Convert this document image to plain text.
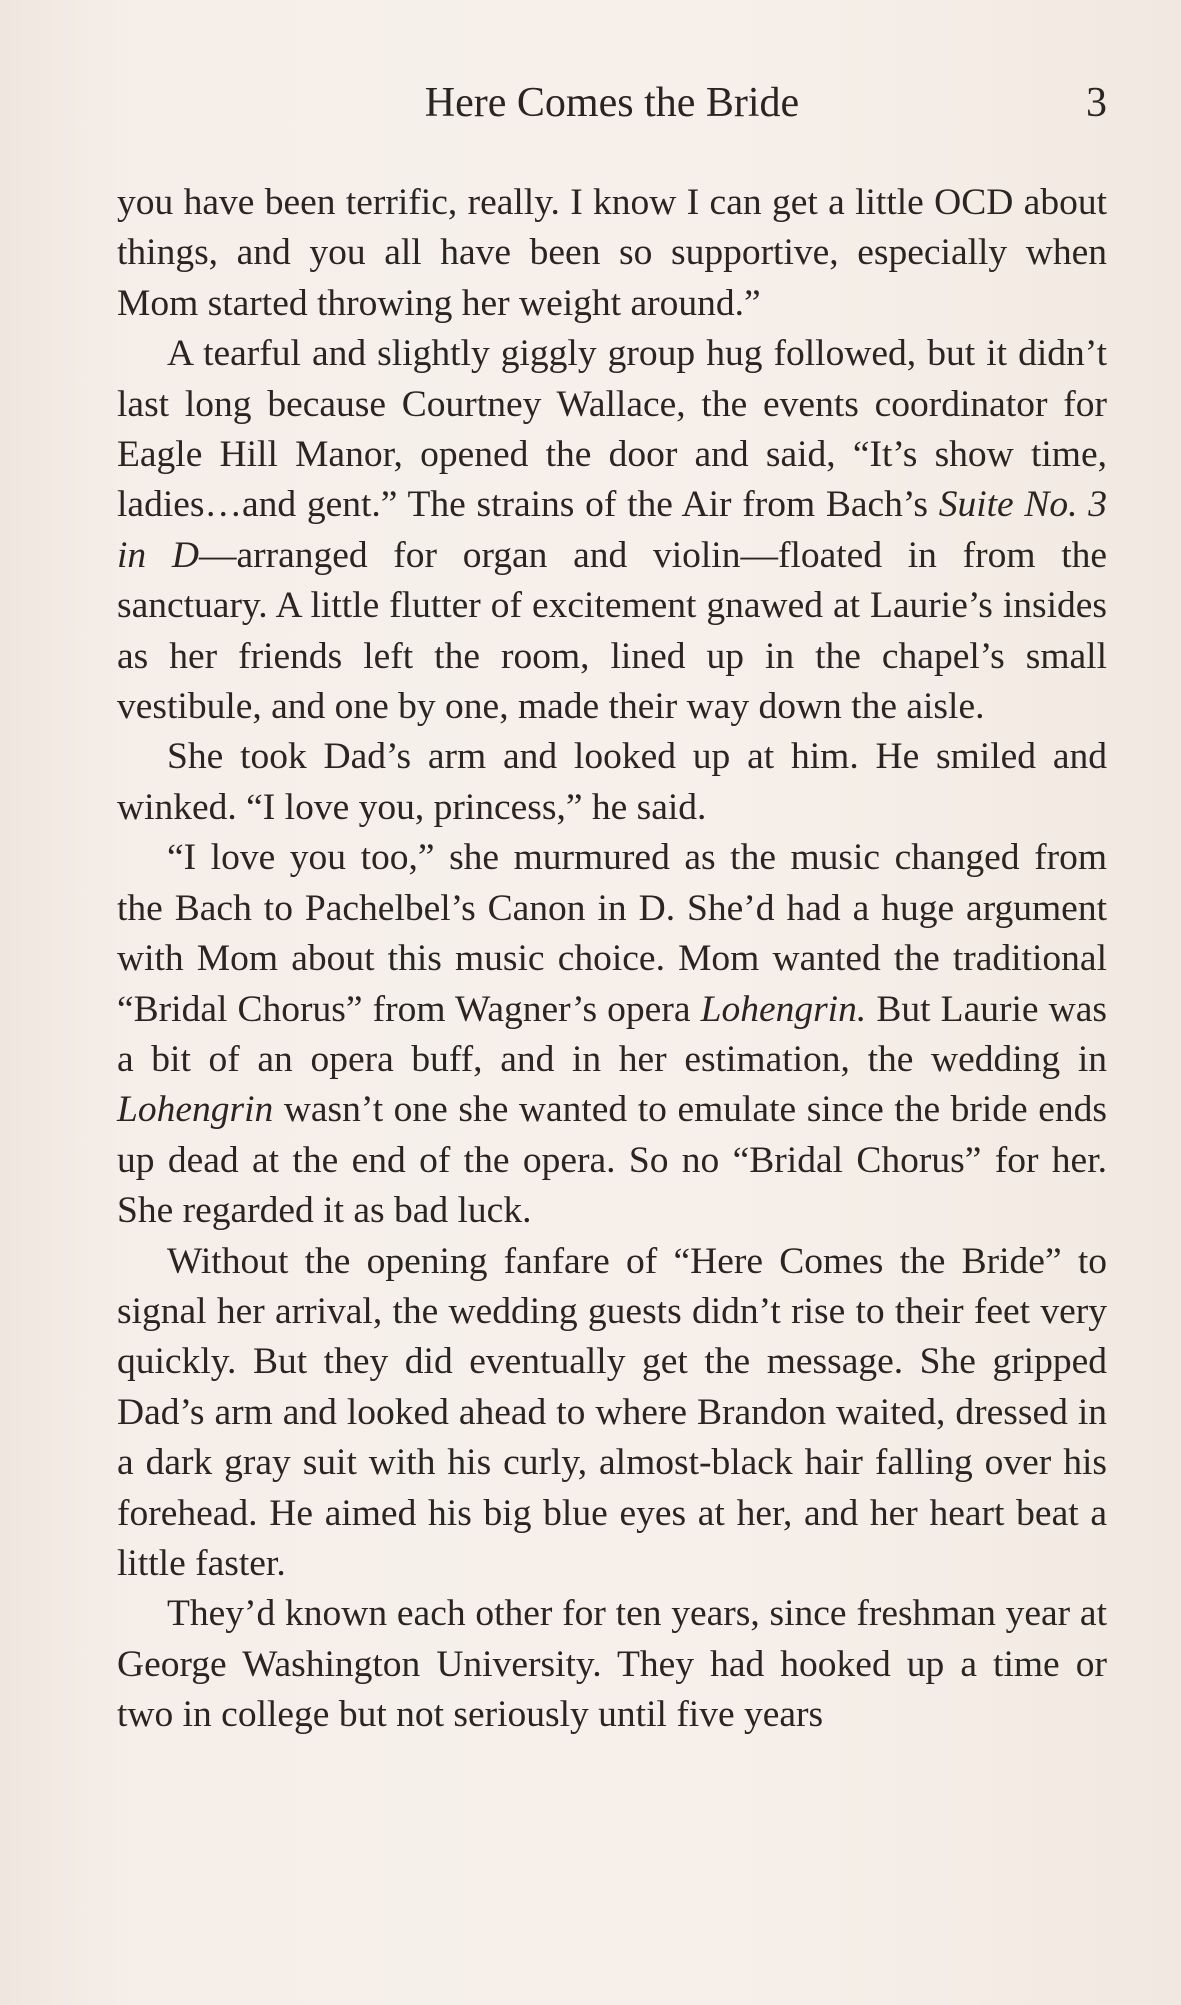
Here Comes the Bride	3

you have been terrific, really. I know I can get a little OCD about things, and you all have been so supportive, especially when Mom started throwing her weight around.”

A tearful and slightly giggly group hug followed, but it didn’t last long because Courtney Wallace, the events coordinator for Eagle Hill Manor, opened the door and said, “It’s show time, ladies…and gent.” The strains of the Air from Bach’s Suite No. 3 in D—arranged for organ and violin—floated in from the sanctuary. A little flutter of excitement gnawed at Laurie’s insides as her friends left the room, lined up in the chapel’s small vestibule, and one by one, made their way down the aisle.

She took Dad’s arm and looked up at him. He smiled and winked. “I love you, princess,” he said.

“I love you too,” she murmured as the music changed from the Bach to Pachelbel’s Canon in D. She’d had a huge argument with Mom about this music choice. Mom wanted the traditional “Bridal Chorus” from Wagner’s opera Lohengrin. But Laurie was a bit of an opera buff, and in her estimation, the wedding in Lohengrin wasn’t one she wanted to emulate since the bride ends up dead at the end of the opera. So no “Bridal Chorus” for her. She regarded it as bad luck.

Without the opening fanfare of “Here Comes the Bride” to signal her arrival, the wedding guests didn’t rise to their feet very quickly. But they did eventually get the message. She gripped Dad’s arm and looked ahead to where Brandon waited, dressed in a dark gray suit with his curly, almost-black hair falling over his forehead. He aimed his big blue eyes at her, and her heart beat a little faster.

They’d known each other for ten years, since freshman year at George Washington University. They had hooked up a time or two in college but not seriously until five years
